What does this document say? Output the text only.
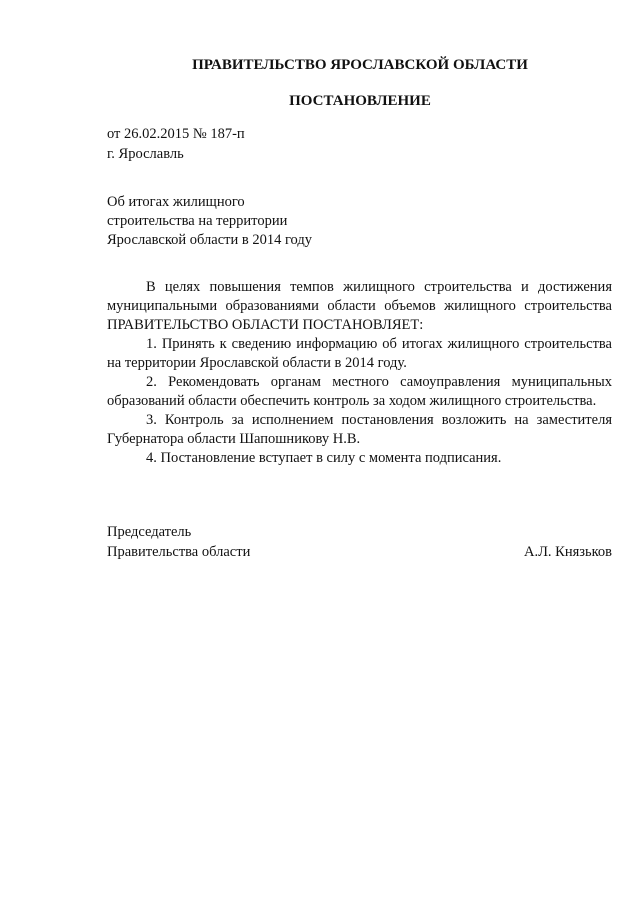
ПРАВИТЕЛЬСТВО ЯРОСЛАВСКОЙ ОБЛАСТИ
ПОСТАНОВЛЕНИЕ
от 26.02.2015 № 187-п
г. Ярославль
Об итогах жилищного
строительства на территории
Ярославской области в 2014 году

В целях повышения темпов жилищного строительства и достижения муниципальными образованиями области объемов жилищного строительства ПРАВИТЕЛЬСТВО ОБЛАСТИ ПОСТАНОВЛЯЕТ:

1. Принять к сведению информацию об итогах жилищного строительства на территории Ярославской области в 2014 году.

2. Рекомендовать органам местного самоуправления муниципальных образований области обеспечить контроль за ходом жилищного строительства.

3. Контроль за исполнением постановления возложить на заместителя Губернатора области Шапошникову Н.В.

4. Постановление вступает в силу с момента подписания.

Председатель
Правительства области	А.Л. Князьков
